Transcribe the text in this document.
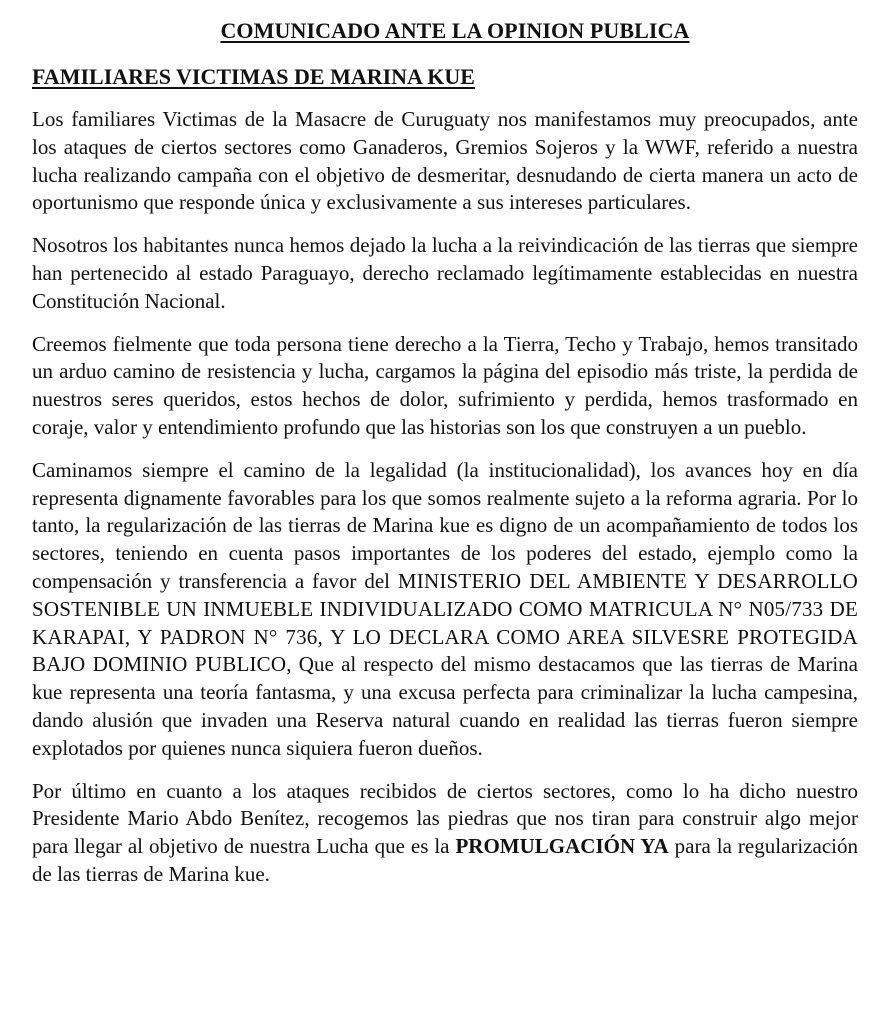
COMUNICADO ANTE LA OPINION PUBLICA
FAMILIARES VICTIMAS DE MARINA KUE

Los familiares Victimas de la Masacre de Curuguaty nos manifestamos muy preocupados, ante los ataques de ciertos sectores como Ganaderos, Gremios Sojeros y la WWF, referido a nuestra lucha realizando campaña con el objetivo de desmeritar, desnudando de cierta manera un acto de oportunismo que responde única y exclusivamente a sus intereses particulares.

Nosotros los habitantes nunca hemos dejado la lucha a la reivindicación de las tierras que siempre han pertenecido al estado Paraguayo, derecho reclamado legítimamente establecidas en nuestra Constitución Nacional.

Creemos fielmente que toda persona tiene derecho a la Tierra, Techo y Trabajo, hemos transitado un arduo camino de resistencia y lucha, cargamos la página del episodio más triste, la perdida de nuestros seres queridos, estos hechos de dolor, sufrimiento y perdida, hemos trasformado en coraje, valor y entendimiento profundo que las historias son los que construyen a un pueblo.

Caminamos siempre el camino de la legalidad (la institucionalidad), los avances hoy en día representa dignamente favorables para los que somos realmente sujeto a la reforma agraria. Por lo tanto, la regularización de las tierras de Marina kue es digno de un acompañamiento de todos los sectores, teniendo en cuenta pasos importantes de los poderes del estado, ejemplo como la compensación y transferencia a favor del MINISTERIO DEL AMBIENTE Y DESARROLLO SOSTENIBLE UN INMUEBLE INDIVIDUALIZADO COMO MATRICULA N° N05/733 DE KARAPAI, Y PADRON N° 736, Y LO DECLARA COMO AREA SILVESRE PROTEGIDA BAJO DOMINIO PUBLICO, Que al respecto del mismo destacamos que las tierras de Marina kue representa una teoría fantasma, y una excusa perfecta para criminalizar la lucha campesina, dando alusión que invaden una Reserva natural cuando en realidad las tierras fueron siempre explotados por quienes nunca siquiera fueron dueños.

Por último en cuanto a los ataques recibidos de ciertos sectores, como lo ha dicho nuestro Presidente Mario Abdo Benítez, recogemos las piedras que nos tiran para construir algo mejor para llegar al objetivo de nuestra Lucha que es la PROMULGACIÓN YA para la regularización de las tierras de Marina kue.
